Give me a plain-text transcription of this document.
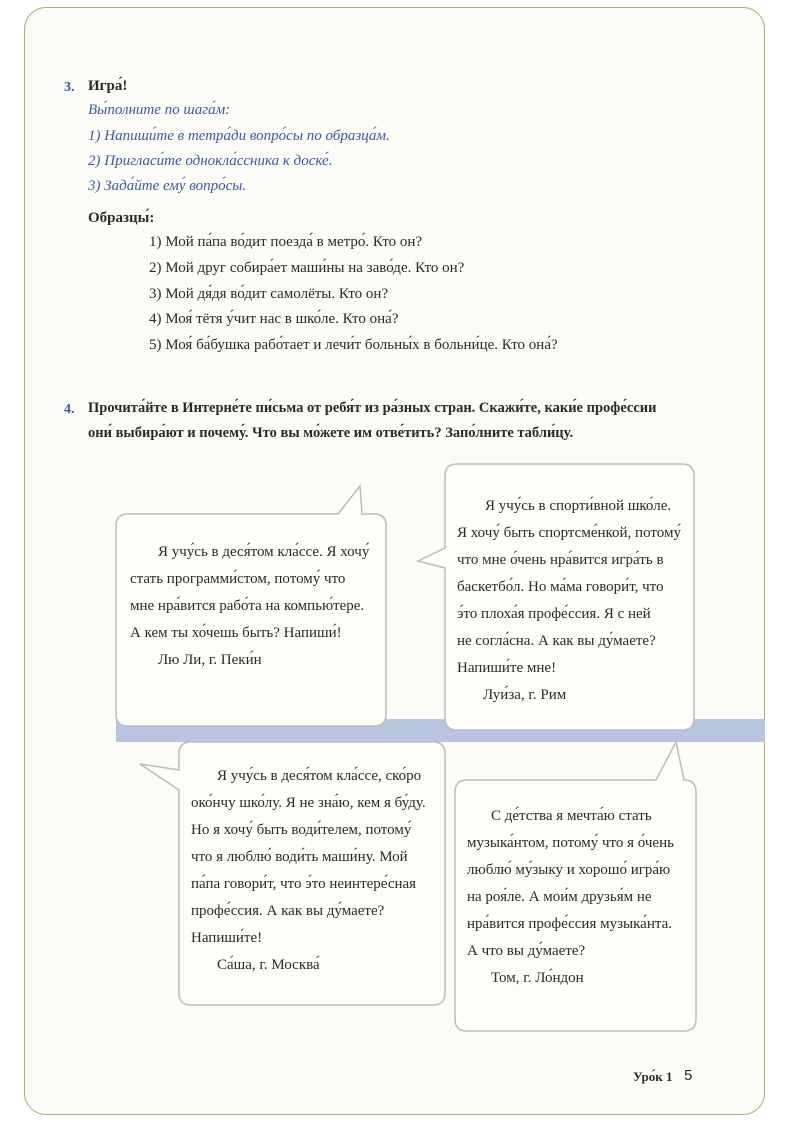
3. Игра́!
Вы́полните по шага́м:
1) Напиши́те в тетра́ди вопро́сы по образца́м.
2) Пригласи́те однокла́ссника к доске́.
3) Зада́йте ему́ вопро́сы.
Образцы́:
1) Мой па́па во́дит поезда́ в метро́. Кто он?
2) Мой друг собира́ет маши́ны на заво́де. Кто он?
3) Мой дя́дя во́дит самолёты. Кто он?
4) Моя́ тётя у́чит нас в шко́ле. Кто она́?
5) Моя́ ба́бушка рабо́тает и лечи́т больны́х в больни́це. Кто она́?
4. Прочита́йте в Интерне́те пи́сьма от ребя́т из ра́зных стран. Скажи́те, каки́е профе́ссии
они́ выбира́ют и почему́. Что вы мо́жете им отве́тить? Запо́лните табли́цу.
Я учу́сь в деся́том кла́ссе. Я хочу́
стать программи́стом, потому́ что
мне нра́вится рабо́та на компью́тере.
А кем ты хо́чешь быть? Напиши́!
Лю Ли, г. Пеки́н
Я учу́сь в спорти́вной шко́ле.
Я хочу́ быть спортсме́нкой, потому́
что мне о́чень нра́вится игра́ть в
баскетбо́л. Но ма́ма говори́т, что
э́то плоха́я профе́ссия. Я с ней
не согла́сна. А как вы ду́маете?
Напиши́те мне!
Луи́за, г. Рим
Я учу́сь в деся́том кла́ссе, ско́ро
око́нчу шко́лу. Я не зна́ю, кем я бу́ду.
Но я хочу́ быть води́телем, потому́
что я люблю́ води́ть маши́ну. Мой
па́па говори́т, что э́то неинтере́сная
профе́ссия. А как вы ду́маете?
Напиши́те!
Са́ша, г. Москва́
С де́тства я мечта́ю стать
музыка́нтом, потому́ что я о́чень
люблю́ му́зыку и хорошо́ игра́ю
на роя́ле. А мои́м друзья́м не
нра́вится профе́ссия музыка́нта.
А что вы ду́маете?
Том, г. Ло́ндон
Уро́к 1 5
